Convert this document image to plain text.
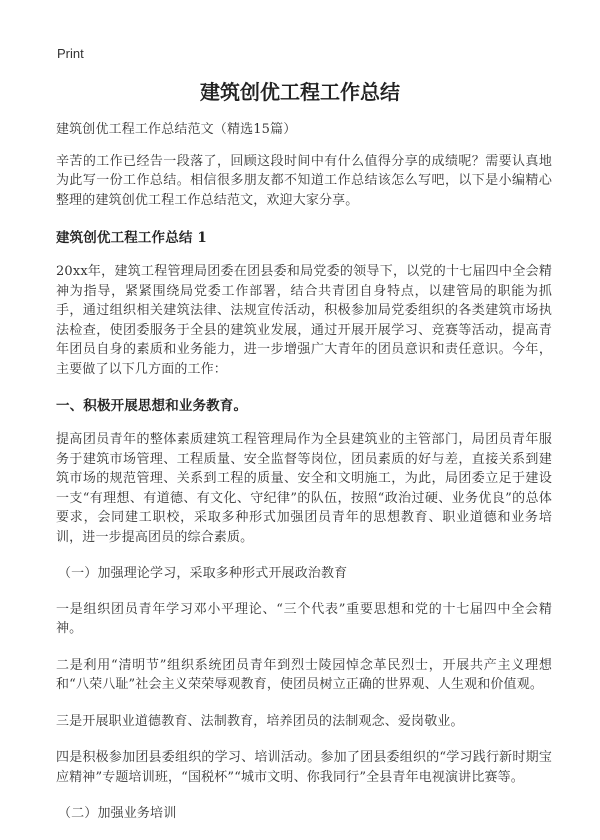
Print
建筑创优工程工作总结

建筑创优工程工作总结范文（精选15篇）

辛苦的工作已经告一段落了，回顾这段时间中有什么值得分享的成绩呢？需要认真地为此写一份工作总结。相信很多朋友都不知道工作总结该怎么写吧，以下是小编精心整理的建筑创优工程工作总结范文，欢迎大家分享。

建筑创优工程工作总结 1

20xx年，建筑工程管理局团委在团县委和局党委的领导下，以党的十七届四中全会精神为指导，紧紧围绕局党委工作部署，结合共青团自身特点，以建管局的职能为抓手，通过组织相关建筑法律、法规宣传活动，积极参加局党委组织的各类建筑市场执法检查，使团委服务于全县的建筑业发展，通过开展开展学习、竞赛等活动，提高青年团员自身的素质和业务能力，进一步增强广大青年的团员意识和责任意识。今年，主要做了以下几方面的工作：

一、积极开展思想和业务教育。

提高团员青年的整体素质建筑工程管理局作为全县建筑业的主管部门，局团员青年服务于建筑市场管理、工程质量、安全监督等岗位，团员素质的好与差，直接关系到建筑市场的规范管理、关系到工程的质量、安全和文明施工，为此，局团委立足于建设一支“有理想、有道德、有文化、守纪律”的队伍，按照“政治过硬、业务优良”的总体要求，会同建工职校，采取多种形式加强团员青年的思想教育、职业道德和业务培训，进一步提高团员的综合素质。

（一）加强理论学习，采取多种形式开展政治教育

一是组织团员青年学习邓小平理论、“三个代表”重要思想和党的十七届四中全会精神。

二是利用“清明节”组织系统团员青年到烈士陵园悼念革民烈士，开展共产主义理想和“八荣八耻”社会主义荣荣辱观教育，使团员树立正确的世界观、人生观和价值观。

三是开展职业道德教育、法制教育，培养团员的法制观念、爱岗敬业。

四是积极参加团县委组织的学习、培训活动。参加了团县委组织的“学习践行新时期宝应精神”专题培训班，“国税杯”“城市文明、你我同行”全县青年电视演讲比赛等。

（二）加强业务培训
